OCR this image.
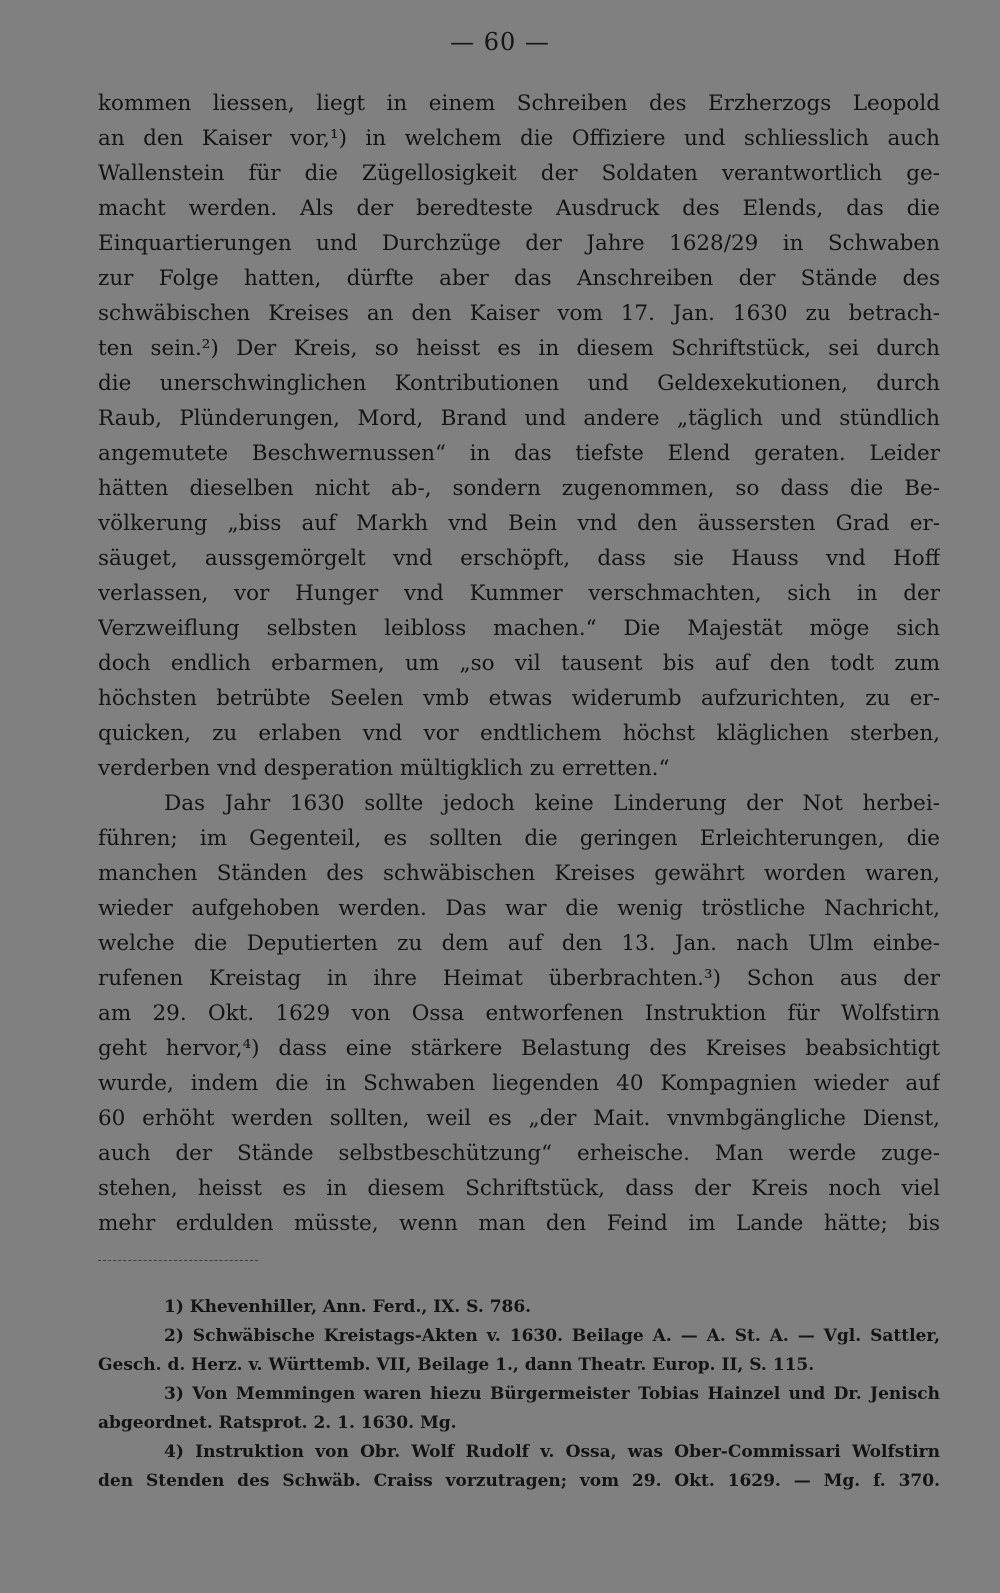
— 60 —
kommen liessen, liegt in einem Schreiben des Erzherzogs Leopold
an den Kaiser vor,¹) in welchem die Offiziere und schliesslich auch
Wallenstein für die Zügellosigkeit der Soldaten verantwortlich ge-
macht werden. Als der beredteste Ausdruck des Elends, das die
Einquartierungen und Durchzüge der Jahre 1628/29 in Schwaben
zur Folge hatten, dürfte aber das Anschreiben der Stände des
schwäbischen Kreises an den Kaiser vom 17. Jan. 1630 zu betrach-
ten sein.²) Der Kreis, so heisst es in diesem Schriftstück, sei durch
die unerschwinglichen Kontributionen und Geldexekutionen, durch
Raub, Plünderungen, Mord, Brand und andere „täglich und stündlich
angemutete Beschwernussen“ in das tiefste Elend geraten. Leider
hätten dieselben nicht ab-, sondern zugenommen, so dass die Be-
völkerung „biss auf Markh vnd Bein vnd den äussersten Grad er-
säuget, aussgemörgelt vnd erschöpft, dass sie Hauss vnd Hoff
verlassen, vor Hunger vnd Kummer verschmachten, sich in der
Verzweiflung selbsten leibloss machen.“ Die Majestät möge sich
doch endlich erbarmen, um „so vil tausent bis auf den todt zum
höchsten betrübte Seelen vmb etwas widerumb aufzurichten, zu er-
quicken, zu erlaben vnd vor endtlichem höchst kläglichen sterben,
verderben vnd desperation mültigklich zu erretten.“
Das Jahr 1630 sollte jedoch keine Linderung der Not herbei-
führen; im Gegenteil, es sollten die geringen Erleichterungen, die
manchen Ständen des schwäbischen Kreises gewährt worden waren,
wieder aufgehoben werden. Das war die wenig tröstliche Nachricht,
welche die Deputierten zu dem auf den 13. Jan. nach Ulm einbe-
rufenen Kreistag in ihre Heimat überbrachten.³) Schon aus der
am 29. Okt. 1629 von Ossa entworfenen Instruktion für Wolfstirn
geht hervor,⁴) dass eine stärkere Belastung des Kreises beabsichtigt
wurde, indem die in Schwaben liegenden 40 Kompagnien wieder auf
60 erhöht werden sollten, weil es „der Mait. vnvmbgängliche Dienst,
auch der Stände selbstbeschützung“ erheische. Man werde zuge-
stehen, heisst es in diesem Schriftstück, dass der Kreis noch viel
mehr erdulden müsste, wenn man den Feind im Lande hätte; bis
1) Khevenhiller, Ann. Ferd., IX. S. 786.
2) Schwäbische Kreistags-Akten v. 1630. Beilage A. — A. St. A. — Vgl. Sattler,
Gesch. d. Herz. v. Württemb. VII, Beilage 1., dann Theatr. Europ. II, S. 115.
3) Von Memmingen waren hiezu Bürgermeister Tobias Hainzel und Dr. Jenisch
abgeordnet. Ratsprot. 2. 1. 1630. Mg.
4) Instruktion von Obr. Wolf Rudolf v. Ossa, was Ober-Commissari Wolfstirn
den Stenden des Schwäb. Craiss vorzutragen; vom 29. Okt. 1629. — Mg. f. 370.
